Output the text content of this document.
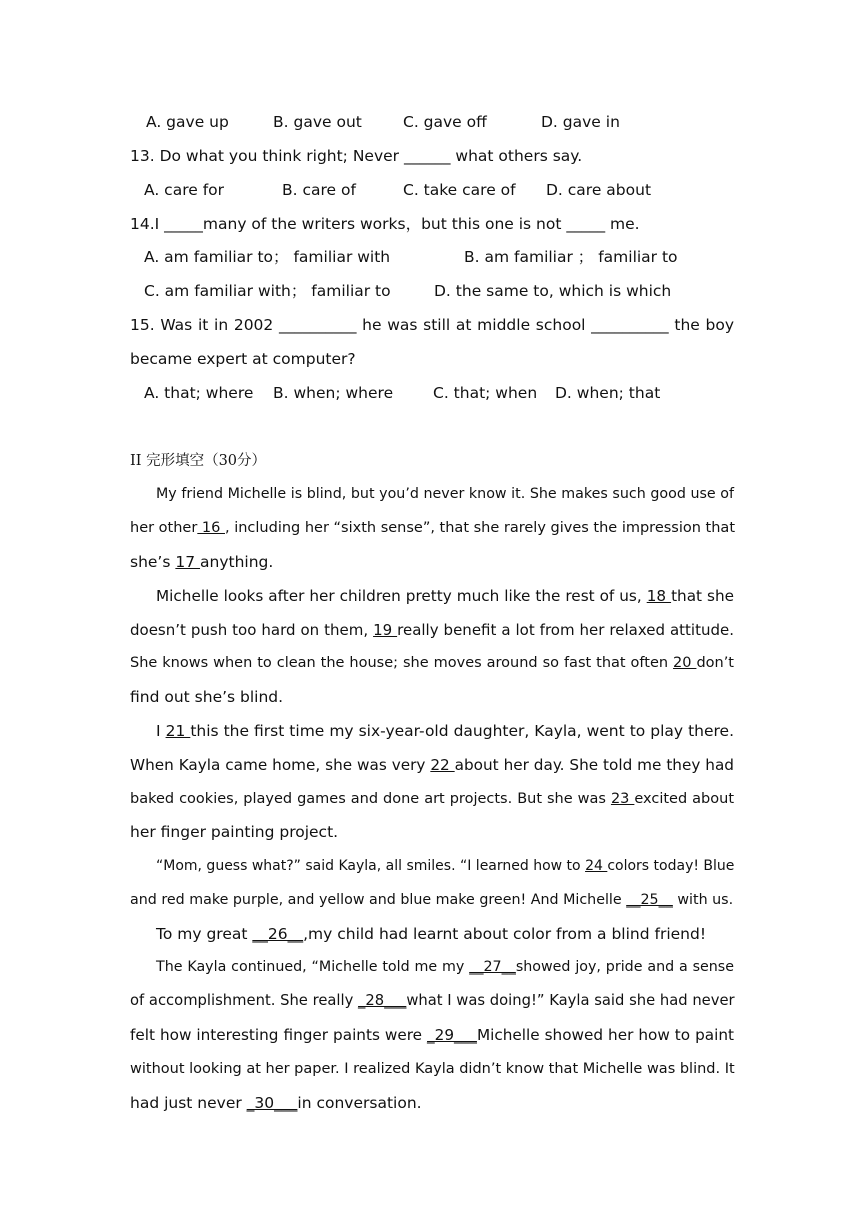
A. gave up	B. gave out	C. gave off	D. gave in
13. Do what you think right; Never ______ what others say.
A. care for	B. care of	C. take care of D. care about
14.I _____many of the writers works，but this one is not _____ me.
A. am familiar to； familiar with	B. am familiar ； familiar to
C. am familiar with； familiar to	D. the same to, which is which
15. Was it in 2002 __________ he was still at middle school __________ the boy
became expert at computer?
A. that; where B. when; where	C. that; when D. when; that
II 完形填空（30分）
My friend Michelle is blind, but you’d never know it. She makes such good use of
her other 16 , including her “sixth sense”, that she rarely gives the impression that
she’s 17 anything.
Michelle looks after her children pretty much like the rest of us, 18 that she
doesn’t push too hard on them, 19 really benefit a lot from her relaxed attitude.
She knows when to clean the house; she moves around so fast that often 20 don’t
find out she’s blind.
I 21 this the first time my six-year-old daughter, Kayla, went to play there.
When Kayla came home, she was very 22 about her day. She told me they had
baked cookies, played games and done art projects. But she was 23 excited about
her finger painting project.
“Mom, guess what?” said Kayla, all smiles. “I learned how to 24 colors today! Blue
and red make purple, and yellow and blue make green! And Michelle __25__ with us.
To my great __26__,my child had learnt about color from a blind friend!
The Kayla continued, “Michelle told me my __27__showed joy, pride and a sense
of accomplishment. She really _28___what I was doing!” Kayla said she had never
felt how interesting finger paints were _29___Michelle showed her how to paint
without looking at her paper. I realized Kayla didn’t know that Michelle was blind. It
had just never _30___in conversation.
